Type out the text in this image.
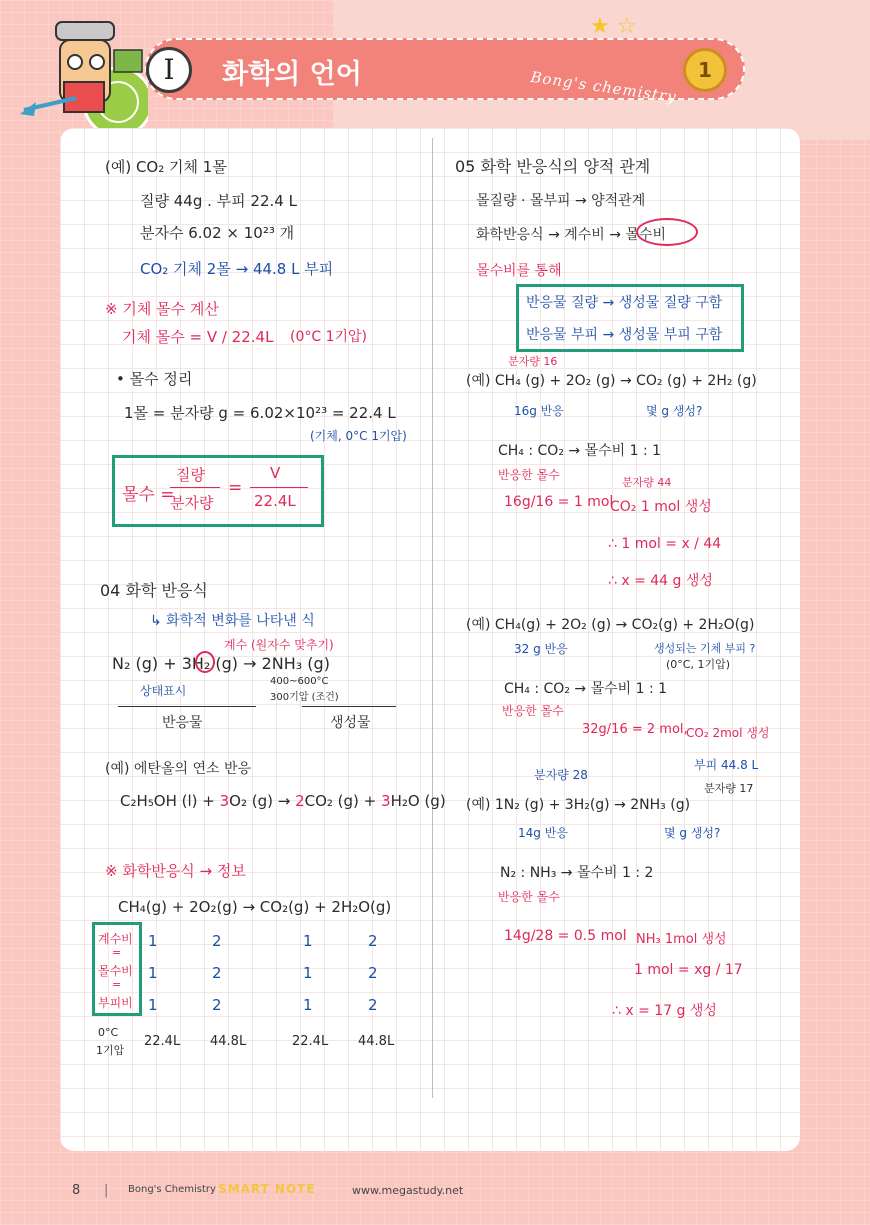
I	화학의 언어	Bong's chemistry
★ ☆
1
(예) CO₂ 기체 1몰
질량 44g . 부피 22.4 L
분자수 6.02 × 10²³ 개
CO₂ 기체 2몰 → 44.8 L 부피
※ 기체 몰수 계산
기체 몰수 = V / 22.4L (0°C 1기압)
• 몰수 정리
1몰 = 분자량 g = 6.02×10²³ = 22.4 L
(기체, 0°C 1기압)
몰수 =
질량
분자량
=
V
22.4L
04 화학 반응식
↳ 화학적 변화를 나타낸 식
계수 (원자수 맞추기)
N₂ (g) + 3H₂ (g) → 2NH₃ (g)
상태표시
400~600°C
300기압 (조건)
반응물	생성물
(예) 에탄올의 연소 반응
C₂H₅OH (l) + 3O₂ (g) → 2CO₂ (g) + 3H₂O (g)
※ 화학반응식 → 정보
CH₄(g) + 2O₂(g) → CO₂(g) + 2H₂O(g)
계수비
=
몰수비
=
부피비
1	2	1	2
1	2	1	2
1	2	1	2
0°C
1기압
22.4L 44.8L	22.4L 44.8L
05 화학 반응식의 양적 관계
몰질량 · 몰부피 → 양적관계
화학반응식 → 계수비 → 몰수비
몰수비를 통해
반응물 질량 → 생성물 질량 구함
반응물 부피 → 생성물 부피 구함
분자량 16
(예) CH₄ (g) + 2O₂ (g) → CO₂ (g) + 2H₂ (g)
16g 반응	몇 g 생성?
CH₄ : CO₂ → 몰수비 1 : 1
반응한 몰수
16g/16 = 1 mol
분자량 44
CO₂ 1 mol 생성
∴ 1 mol = x / 44
∴ x = 44 g 생성
(예) CH₄(g) + 2O₂ (g) → CO₂(g) + 2H₂O(g)
32 g 반응	생성되는 기체 부피 ?
(0°C, 1기압)
CH₄ : CO₂ → 몰수비 1 : 1
반응한 몰수
32g/16 = 2 mol,
CO₂ 2mol 생성
부피 44.8 L
분자량 28
분자량 17
(예) 1N₂ (g) + 3H₂(g) → 2NH₃ (g)
14g 반응	몇 g 생성?
N₂ : NH₃ → 몰수비 1 : 2
반응한 몰수
14g/28 = 0.5 mol NH₃ 1mol 생성
1 mol = xg / 17
∴ x = 17 g 생성
8 | Bong's Chemistry SMART NOTE	www.megastudy.net
